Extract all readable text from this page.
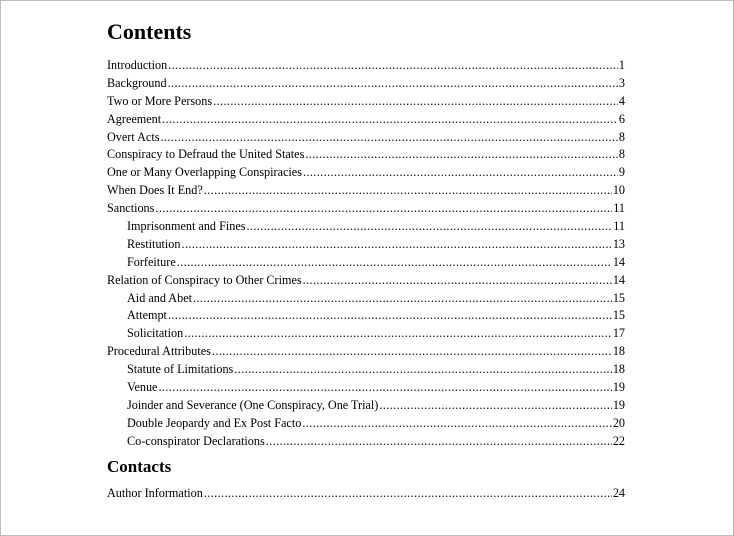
Contents
Introduction .....	1
Background .....	3
Two or More Persons .....	4
Agreement .....	6
Overt Acts .....	8
Conspiracy to Defraud the United States .....	8
One or Many Overlapping Conspiracies .....	9
When Does It End? .....	10
Sanctions .....	11
Imprisonment and Fines .....	11
Restitution .....	13
Forfeiture .....	14
Relation of Conspiracy to Other Crimes .....	14
Aid and Abet .....	15
Attempt .....	15
Solicitation .....	17
Procedural Attributes .....	18
Statute of Limitations .....	18
Venue .....	19
Joinder and Severance (One Conspiracy, One Trial) .....	19
Double Jeopardy and Ex Post Facto .....	20
Co-conspirator Declarations .....	22
Contacts
Author Information .....	24
